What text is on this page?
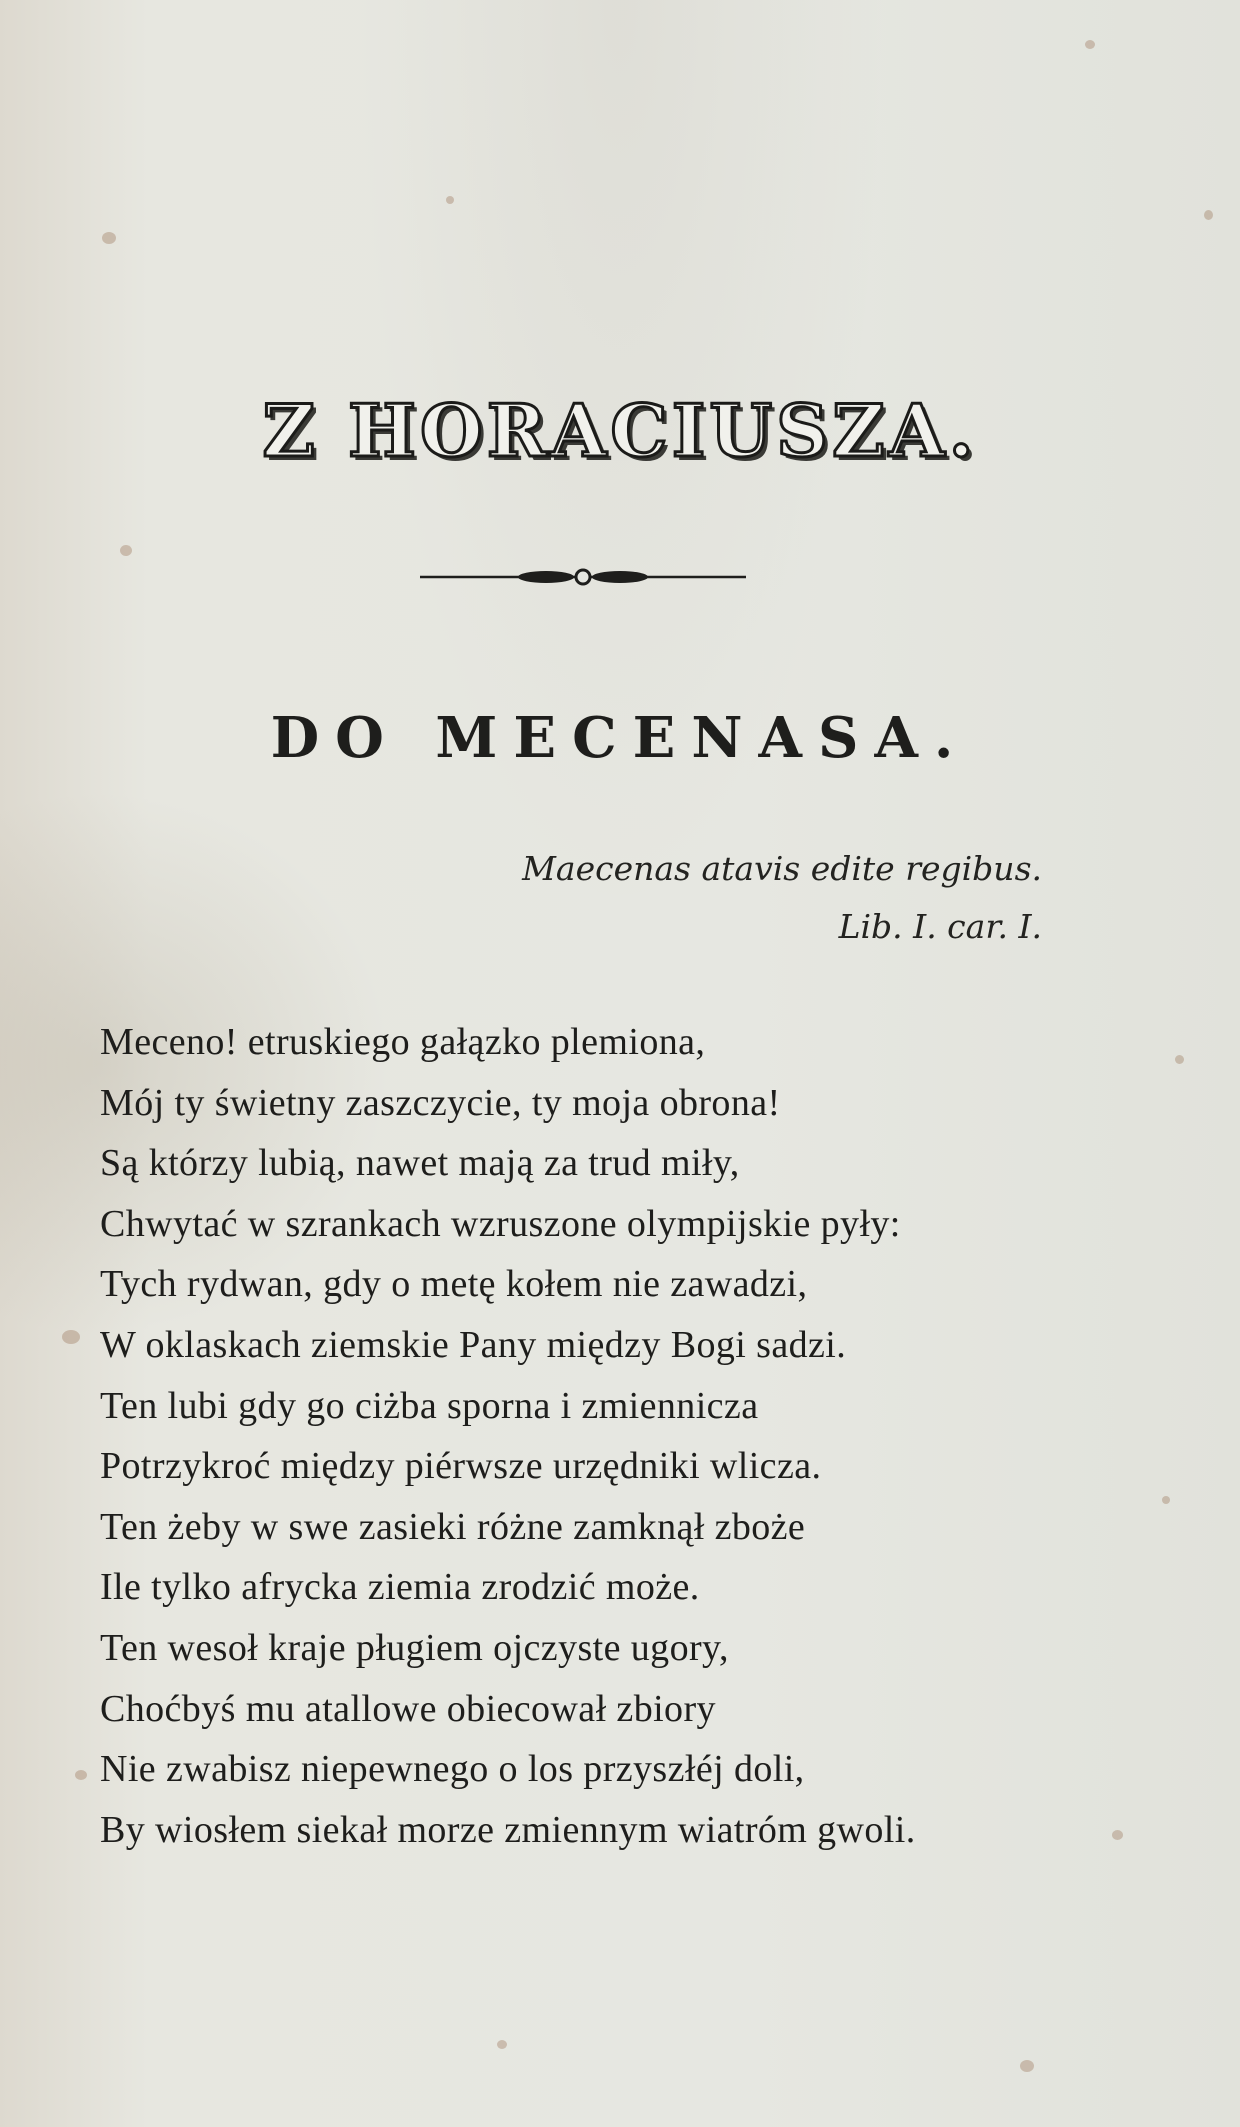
Z HORACIUSZA.
DO MECENASA.
Maecenas atavis edite regibus.
Lib. I. car. I.
Meceno! etruskiego gałązko plemiona,
Mój ty świetny zaszczycie, ty moja obrona!
Są którzy lubią, nawet mają za trud miły,
Chwytać w szrankach wzruszone olympijskie pyły:
Tych rydwan, gdy o metę kołem nie zawadzi,
W oklaskach ziemskie Pany między Bogi sadzi.
Ten lubi gdy go ciżba sporna i zmiennicza
Potrzykroć między piérwsze urzędniki wlicza.
Ten żeby w swe zasieki różne zamknął zboże
Ile tylko afrycka ziemia zrodzić może.
Ten wesoł kraje pługiem ojczyste ugory,
Choćbyś mu atallowe obiecował zbiory
Nie zwabisz niepewnego o los przyszłéj doli,
By wiosłem siekał morze zmiennym wiatróm gwoli.
